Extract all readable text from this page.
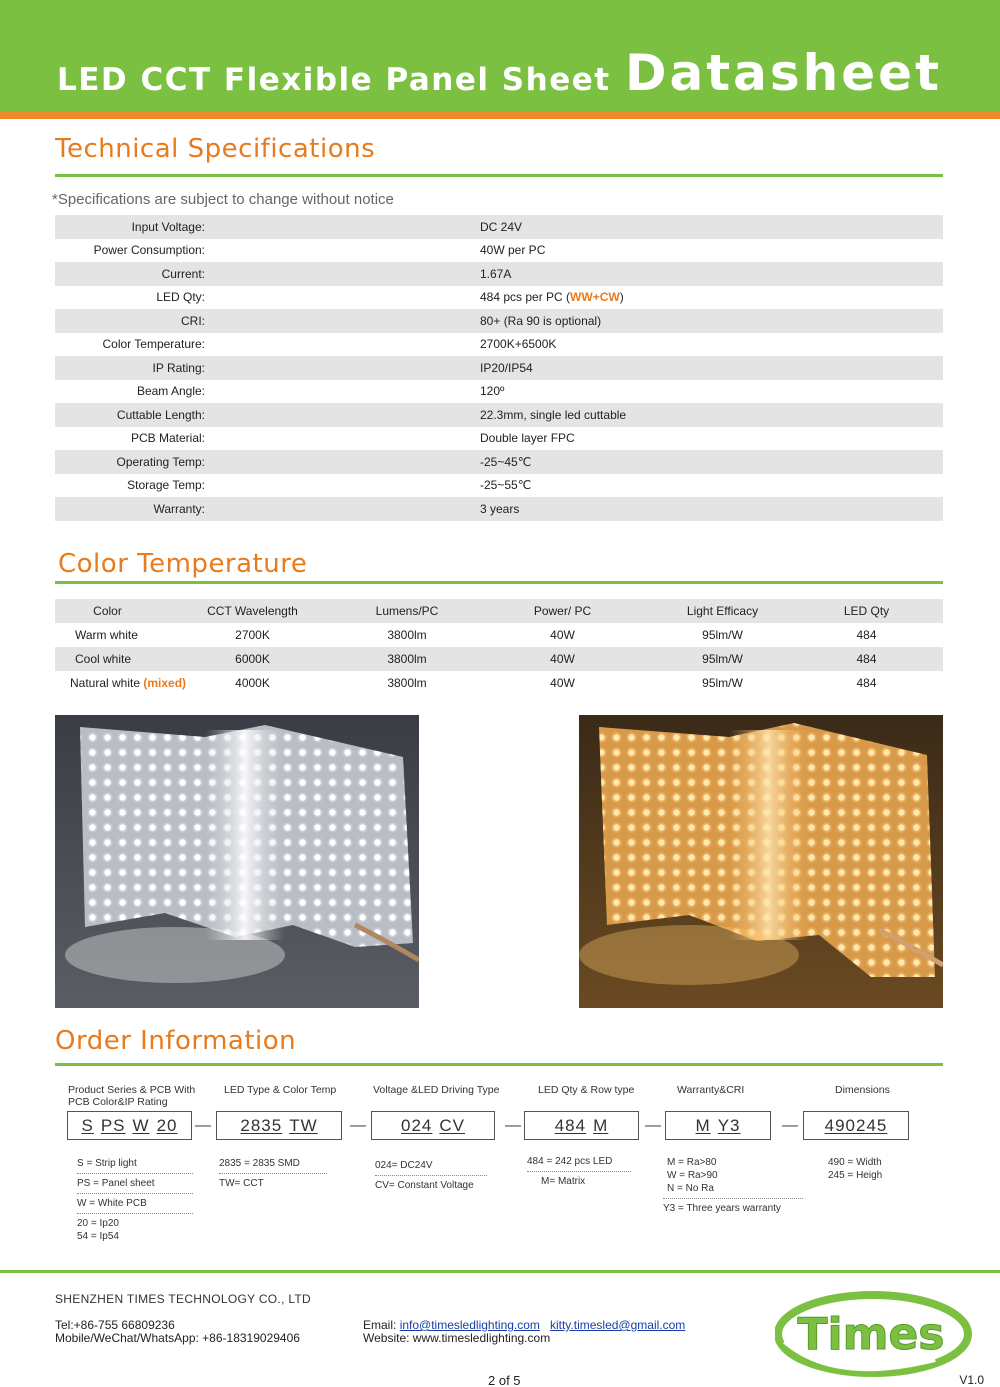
LED CCT Flexible Panel Sheet Datasheet
Technical Specifications
*Specifications are subject to change without notice
Input Voltage:	DC 24V
Power Consumption:	40W per PC
Current:	1.67A
LED Qty:	484 pcs per PC (WW+CW)
CRI:	80+ (Ra 90 is optional)
Color Temperature:	2700K+6500K
IP Rating:	IP20/IP54
Beam Angle:	120º
Cuttable Length:	22.3mm, single led cuttable
PCB Material:	Double layer FPC
Operating Temp:	-25~45℃
Storage Temp:	-25~55℃
Warranty:	3 years
Color Temperature
Color	CCT Wavelength	Lumens/PC	Power/ PC	Light Efficacy	LED Qty
Warm white	2700K	3800lm	40W	95lm/W	484
Cool white	6000K	3800lm	40W	95lm/W	484
Natural white (mixed)	4000K	3800lm	40W	95lm/W	484
Order Information
Product Series & PCB With PCB Color&IP Rating
LED Type & Color Temp	Voltage &LED Driving Type	LED Qty & Row type	Warranty&CRI	Dimensions
S PS W 20 — 2835 TW — 024 CV	— 484 M — M Y3	— 490245
S = Strip light
PS = Panel sheet
W = White PCB
20 = Ip20
54 = Ip54
2835 = 2835 SMD
TW= CCT
024= DC24V
CV= Constant Voltage
484 = 242 pcs LED
M= Matrix
M = Ra>80
W = Ra>90
N = No Ra
Y3 = Three years warranty
490 = Width
245 = Heigh
SHENZHEN TIMES TECHNOLOGY CO., LTD
Tel:+86-755 66809236
Mobile/WeChat/WhatsApp: +86-18319029406
Email: info@timesledlighting.com kitty.timesled@gmail.com
Website: www.timesledlighting.com	Times
2 of 5	V1.0
